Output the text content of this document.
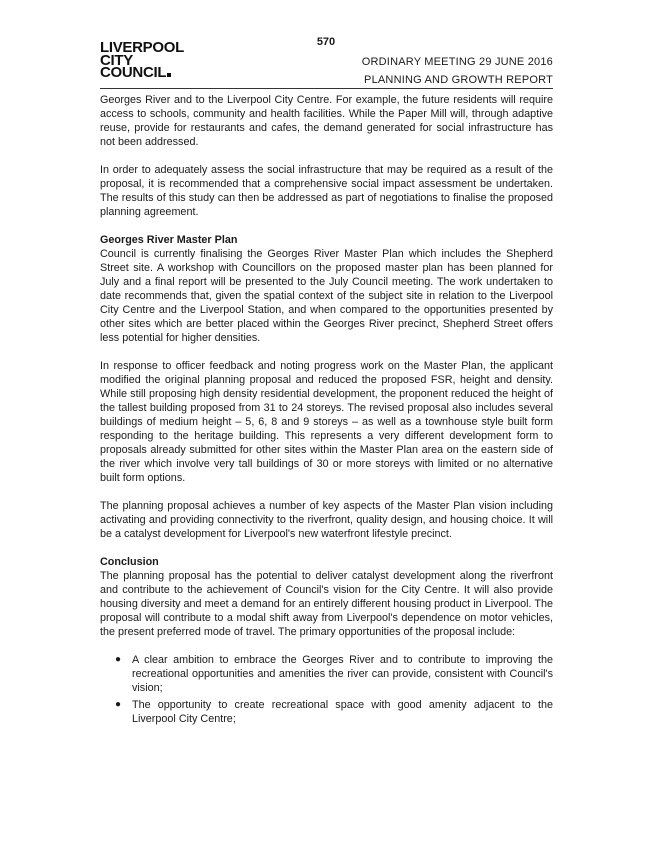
570
LIVERPOOL
CITY
COUNCIL
ORDINARY MEETING 29 JUNE 2016
PLANNING AND GROWTH REPORT

Georges River and to the Liverpool City Centre. For example, the future residents will require access to schools, community and health facilities. While the Paper Mill will, through adaptive reuse, provide for restaurants and cafes, the demand generated for social infrastructure has not been addressed.

In order to adequately assess the social infrastructure that may be required as a result of the proposal, it is recommended that a comprehensive social impact assessment be undertaken. The results of this study can then be addressed as part of negotiations to finalise the proposed planning agreement.

Georges River Master Plan

Council is currently finalising the Georges River Master Plan which includes the Shepherd Street site. A workshop with Councillors on the proposed master plan has been planned for July and a final report will be presented to the July Council meeting. The work undertaken to date recommends that, given the spatial context of the subject site in relation to the Liverpool City Centre and the Liverpool Station, and when compared to the opportunities presented by other sites which are better placed within the Georges River precinct, Shepherd Street offers less potential for higher densities.

In response to officer feedback and noting progress work on the Master Plan, the applicant modified the original planning proposal and reduced the proposed FSR, height and density. While still proposing high density residential development, the proponent reduced the height of the tallest building proposed from 31 to 24 storeys. The revised proposal also includes several buildings of medium height – 5, 6, 8 and 9 storeys – as well as a townhouse style built form responding to the heritage building. This represents a very different development form to proposals already submitted for other sites within the Master Plan area on the eastern side of the river which involve very tall buildings of 30 or more storeys with limited or no alternative built form options.

The planning proposal achieves a number of key aspects of the Master Plan vision including activating and providing connectivity to the riverfront, quality design, and housing choice. It will be a catalyst development for Liverpool's new waterfront lifestyle precinct.

Conclusion

The planning proposal has the potential to deliver catalyst development along the riverfront and contribute to the achievement of Council's vision for the City Centre. It will also provide housing diversity and meet a demand for an entirely different housing product in Liverpool. The proposal will contribute to a modal shift away from Liverpool's dependence on motor vehicles, the present preferred mode of travel. The primary opportunities of the proposal include:

● A clear ambition to embrace the Georges River and to contribute to improving the recreational opportunities and amenities the river can provide, consistent with Council's vision;
● The opportunity to create recreational space with good amenity adjacent to the Liverpool City Centre;
